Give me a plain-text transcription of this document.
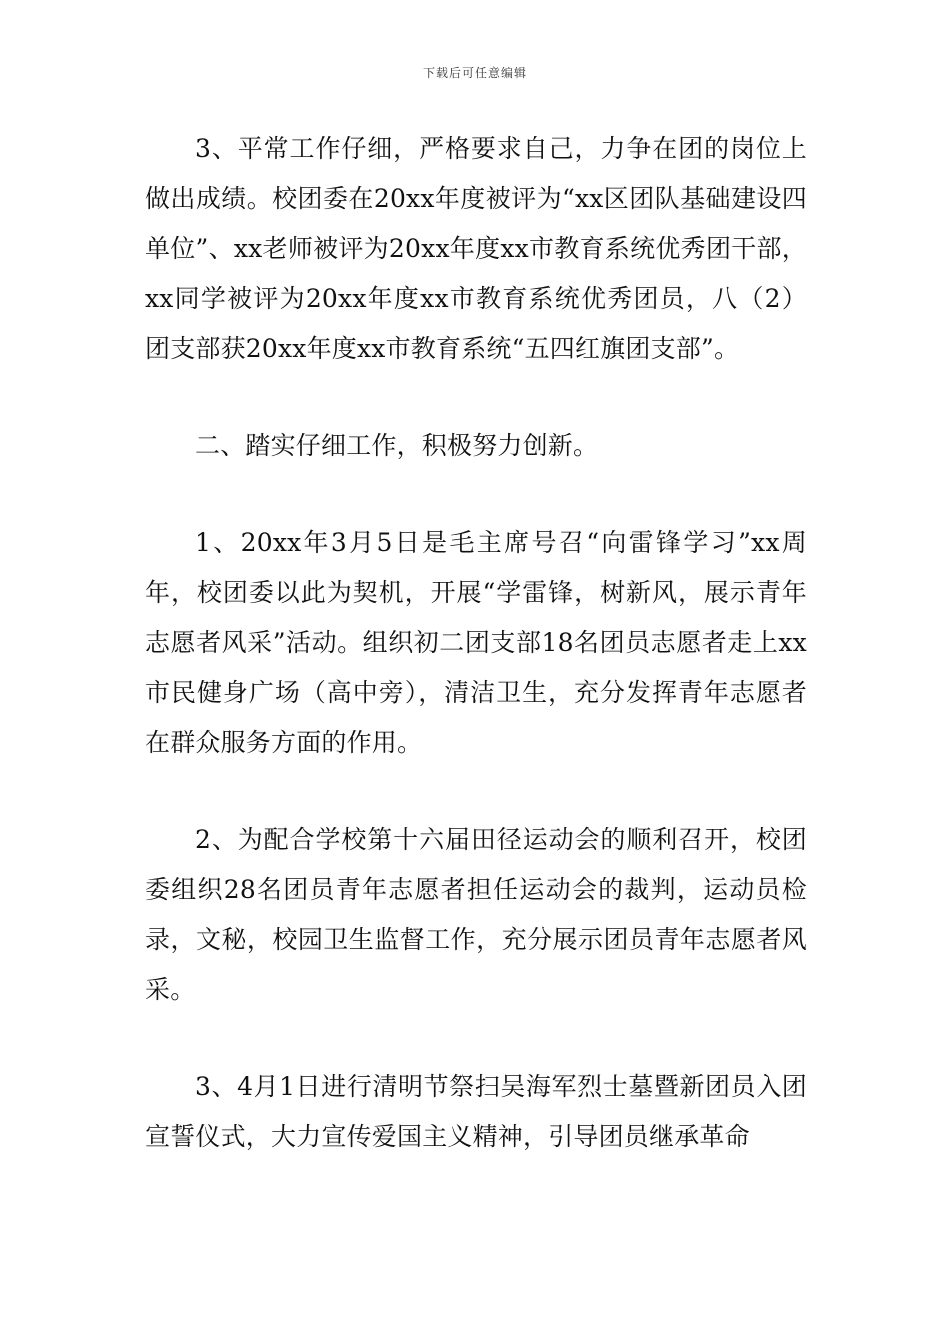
下载后可任意编辑

3、平常工作仔细，严格要求自己，力争在团的岗位上做出成绩。校团委在20xx年度被评为“xx区团队基础建设四单位”、xx老师被评为20xx年度xx市教育系统优秀团干部，xx同学被评为20xx年度xx市教育系统优秀团员，八（2）团支部获20xx年度xx市教育系统“五四红旗团支部”。

二、踏实仔细工作，积极努力创新。

1、20xx年3月5日是毛主席号召“向雷锋学习”xx周年，校团委以此为契机，开展“学雷锋，树新风，展示青年志愿者风采”活动。组织初二团支部18名团员志愿者走上xx市民健身广场（高中旁），清洁卫生，充分发挥青年志愿者在群众服务方面的作用。

2、为配合学校第十六届田径运动会的顺利召开，校团委组织28名团员青年志愿者担任运动会的裁判，运动员检录，文秘，校园卫生监督工作，充分展示团员青年志愿者风采。

3、4月1日进行清明节祭扫吴海军烈士墓暨新团员入团宣誓仪式，大力宣传爱国主义精神，引导团员继承革命
